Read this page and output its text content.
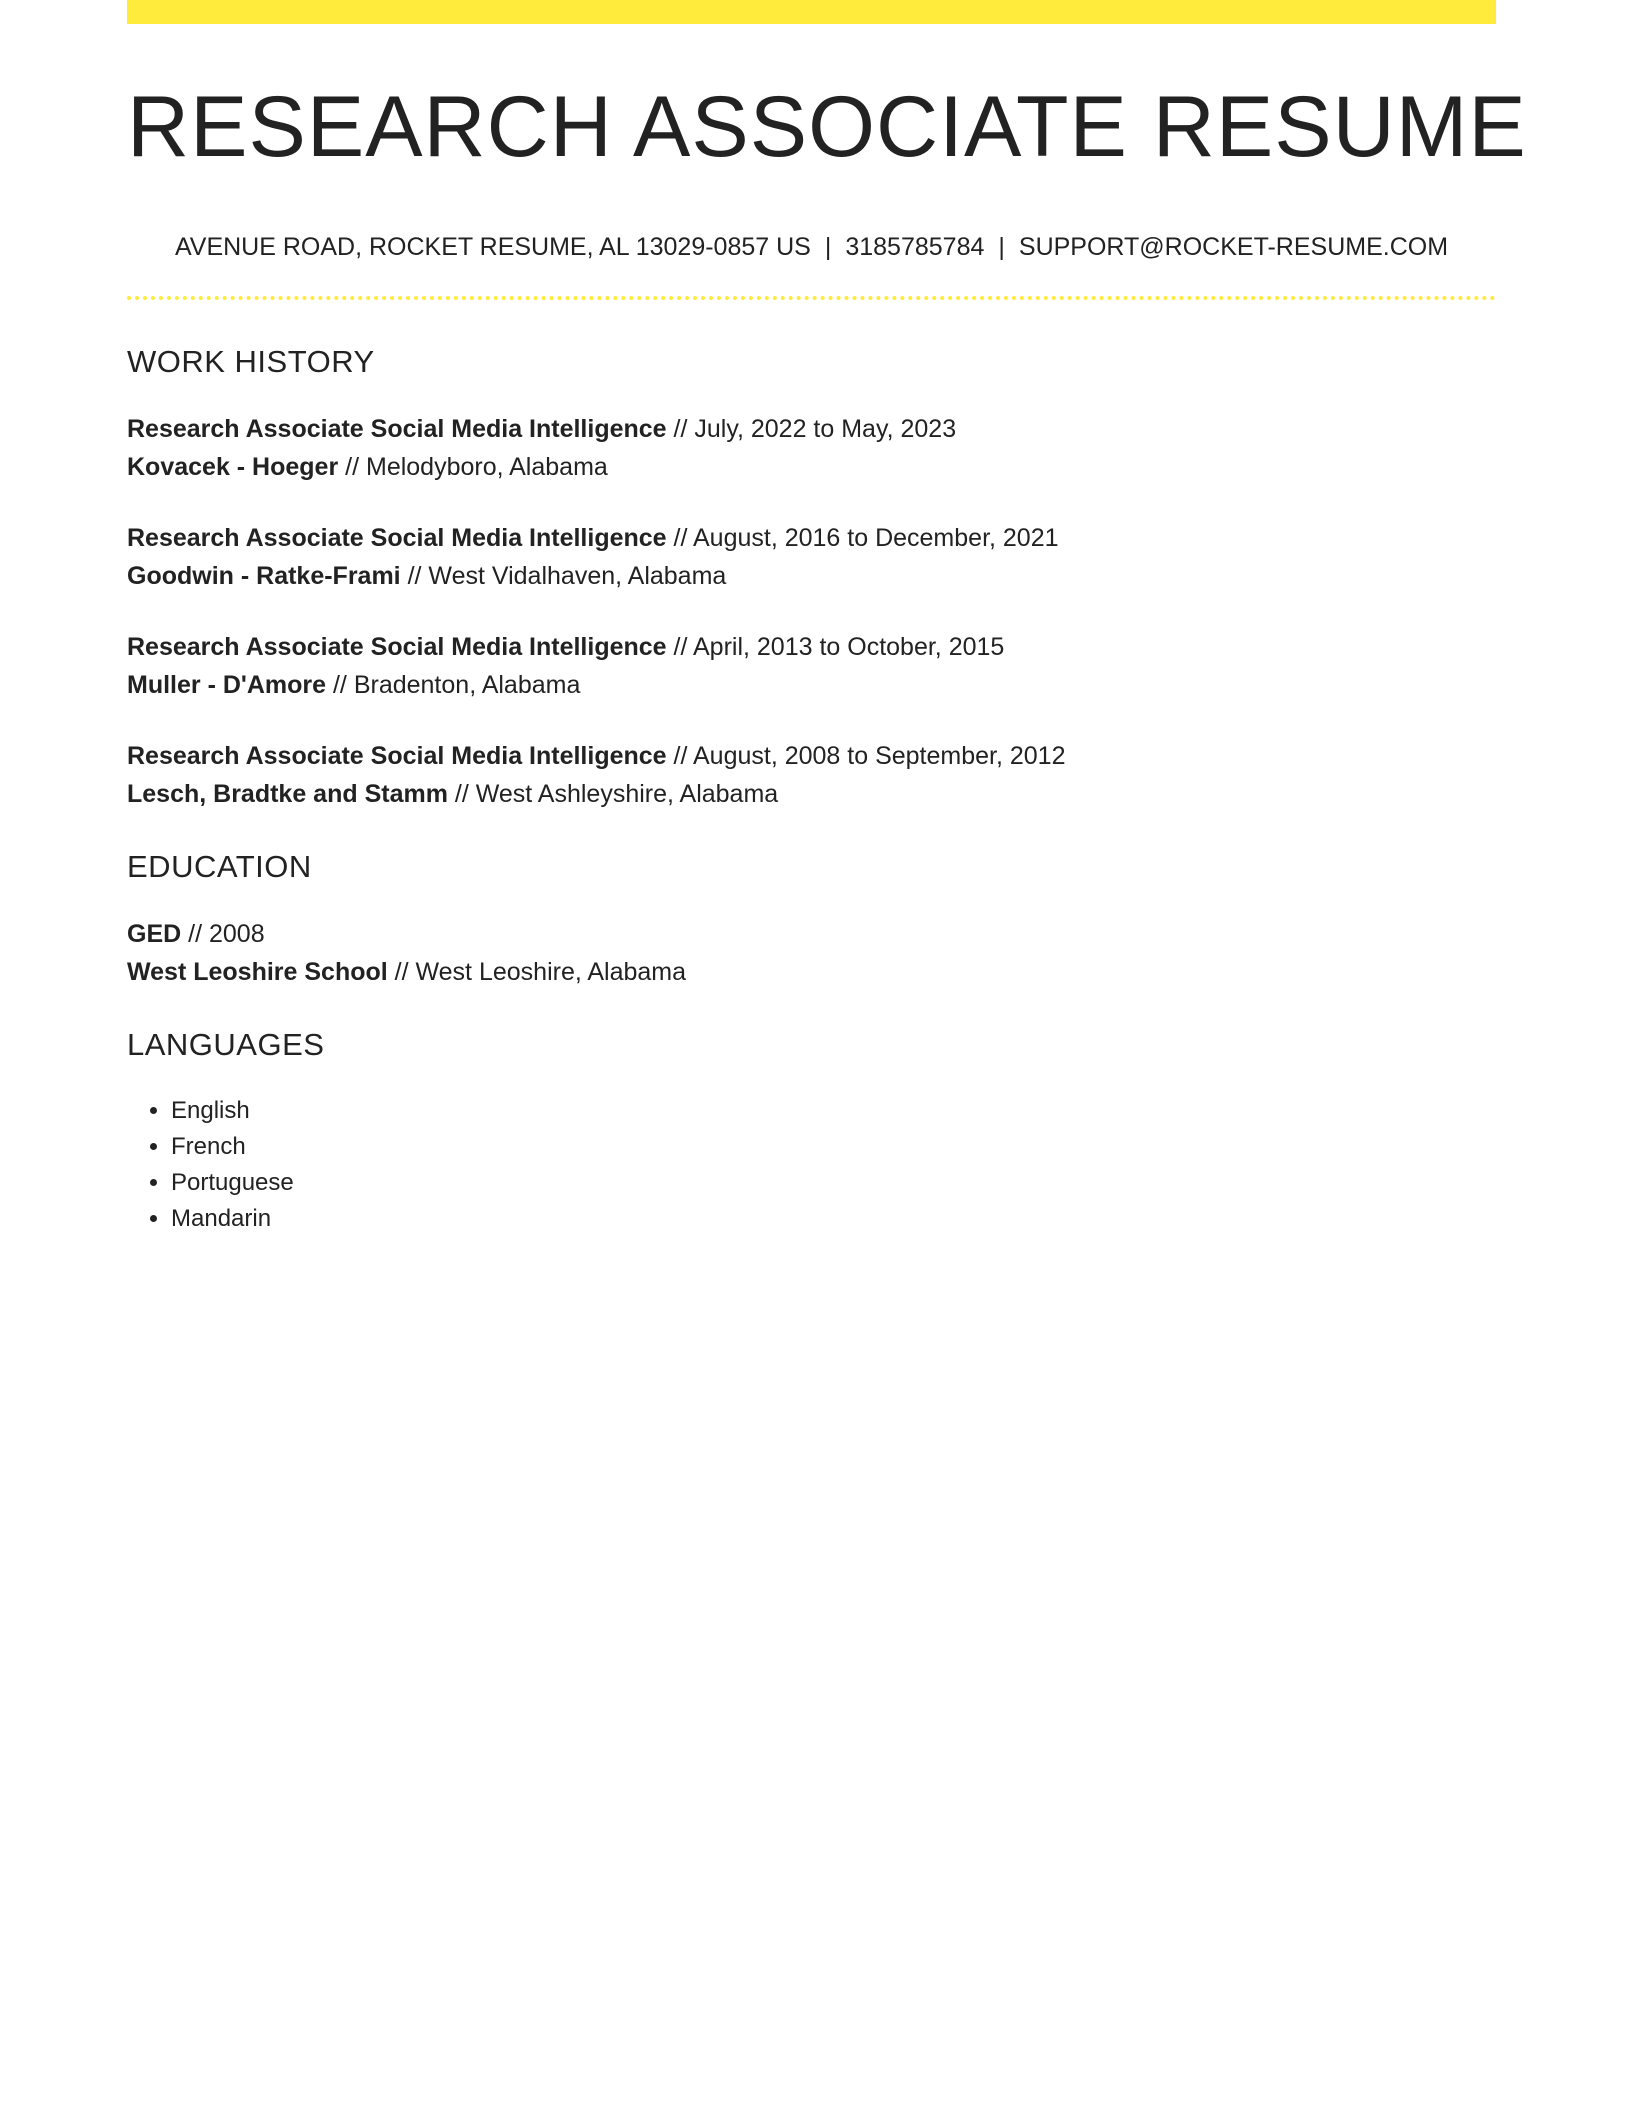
RESEARCH ASSOCIATE RESUME
AVENUE ROAD, ROCKET RESUME, AL 13029-0857 US | 3185785784 | SUPPORT@ROCKET-RESUME.COM
WORK HISTORY
Research Associate Social Media Intelligence // July, 2022 to May, 2023
Kovacek - Hoeger // Melodyboro, Alabama
Research Associate Social Media Intelligence // August, 2016 to December, 2021
Goodwin - Ratke-Frami // West Vidalhaven, Alabama
Research Associate Social Media Intelligence // April, 2013 to October, 2015
Muller - D'Amore // Bradenton, Alabama
Research Associate Social Media Intelligence // August, 2008 to September, 2012
Lesch, Bradtke and Stamm // West Ashleyshire, Alabama
EDUCATION
GED // 2008
West Leoshire School // West Leoshire, Alabama
LANGUAGES
• English
• French
• Portuguese
• Mandarin
